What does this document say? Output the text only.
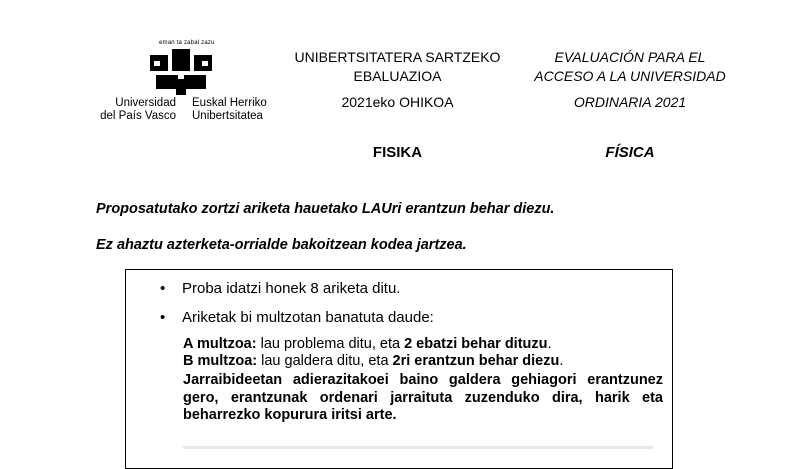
eman ta zabal zazu
Universidad
del País Vasco
Euskal Herriko
Unibertsitatea
UNIBERTSITATERA SARTZEKO
EBALUAZIOA
2021eko OHIKOA
FISIKA
EVALUACIÓN PARA EL
ACCESO A LA UNIVERSIDAD
ORDINARIA 2021
FÍSICA
Proposatutako zortzi ariketa hauetako LAUri erantzun behar diezu.
Ez ahaztu azterketa-orrialde bakoitzean kodea jartzea.
• Proba idatzi honek 8 ariketa ditu.
• Ariketak bi multzotan banatuta daude:
A multzoa: lau problema ditu, eta 2 ebatzi behar dituzu.
B multzoa: lau galdera ditu, eta 2ri erantzun behar diezu.
Jarraibideetan adierazitakoei baino galdera gehiagori erantzunez gero, erantzunak ordenari jarraituta zuzenduko dira, harik eta beharrezko kopurura iritsi arte.
